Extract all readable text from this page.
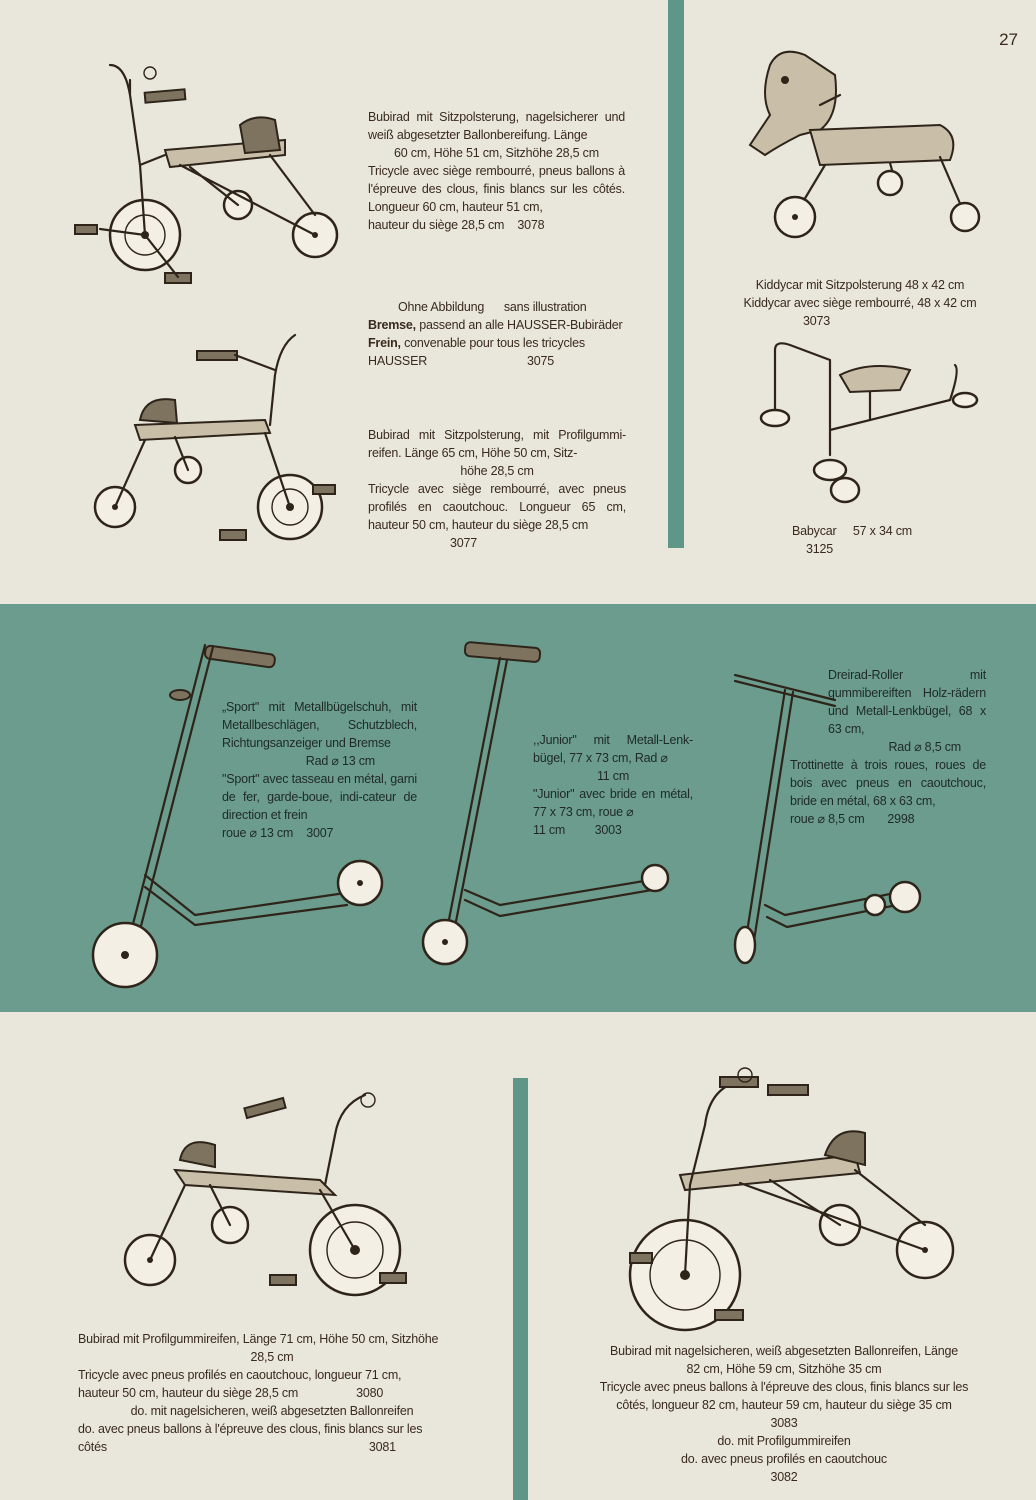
27

Bubirad mit Sitzpolsterung, nagelsicherer und weiß abgesetzter Ballonbereifung. Länge

60 cm, Höhe 51 cm, Sitzhöhe 28,5 cm

Tricycle avec siège rembourré, pneus ballons à l'épreuve des clous, finis blancs sur les côtés. Longueur 60 cm, hauteur 51 cm,

hauteur du siège 28,5 cm 3078

Ohne Abbildung sans illustration

Bremse, passend an alle HAUSSER-Bubiräder

Frein, convenable pour tous les tricycles

HAUSSER	3075

Bubirad mit Sitzpolsterung, mit Profilgummi-reifen. Länge 65 cm, Höhe 50 cm, Sitz-

höhe 28,5 cm

Tricycle avec siège rembourré, avec pneus profilés en caoutchouc. Longueur 65 cm, hauteur 50 cm, hauteur du siège 28,5 cm

3077

Kiddycar mit Sitzpolsterung 48 x 42 cm

Kiddycar avec siège rembourré, 48 x 42 cm

3073

Babycar 57 x 34 cm

3125

„Sport" mit Metallbügelschuh, mit Metallbeschlägen, Schutzblech, Richtungsanzeiger und Bremse

Rad ⌀ 13 cm

"Sport" avec tasseau en métal, garni de fer, garde-boue, indi-cateur de direction et frein

roue ⌀ 13 cm 3007

,,Junior" mit Metall-Lenk-bügel, 77 x 73 cm, Rad ⌀

11 cm

"Junior" avec bride en métal, 77 x 73 cm, roue ⌀

11 cm 3003

Dreirad-Roller mit gummibereiften Holz-rädern und Metall-Lenkbügel, 68 x 63 cm,

Rad ⌀ 8,5 cm

Trottinette à trois roues, roues de bois avec pneus en caoutchouc, bride en métal, 68 x 63 cm,

roue ⌀ 8,5 cm 2998

Bubirad mit Profilgummireifen, Länge 71 cm, Höhe 50 cm, Sitzhöhe

28,5 cm

Tricycle avec pneus profilés en caoutchouc, longueur 71 cm,

hauteur 50 cm, hauteur du siège 28,5 cm	3080

do. mit nagelsicheren, weiß abgesetzten Ballonreifen

do. avec pneus ballons à l'épreuve des clous, finis blancs sur les

côtés	3081

Bubirad mit nagelsicheren, weiß abgesetzten Ballonreifen, Länge

82 cm, Höhe 59 cm, Sitzhöhe 35 cm

Tricycle avec pneus ballons à l'épreuve des clous, finis blancs sur les

côtés, longueur 82 cm, hauteur 59 cm, hauteur du siège 35 cm

3083

do. mit Profilgummireifen

do. avec pneus profilés en caoutchouc

3082
